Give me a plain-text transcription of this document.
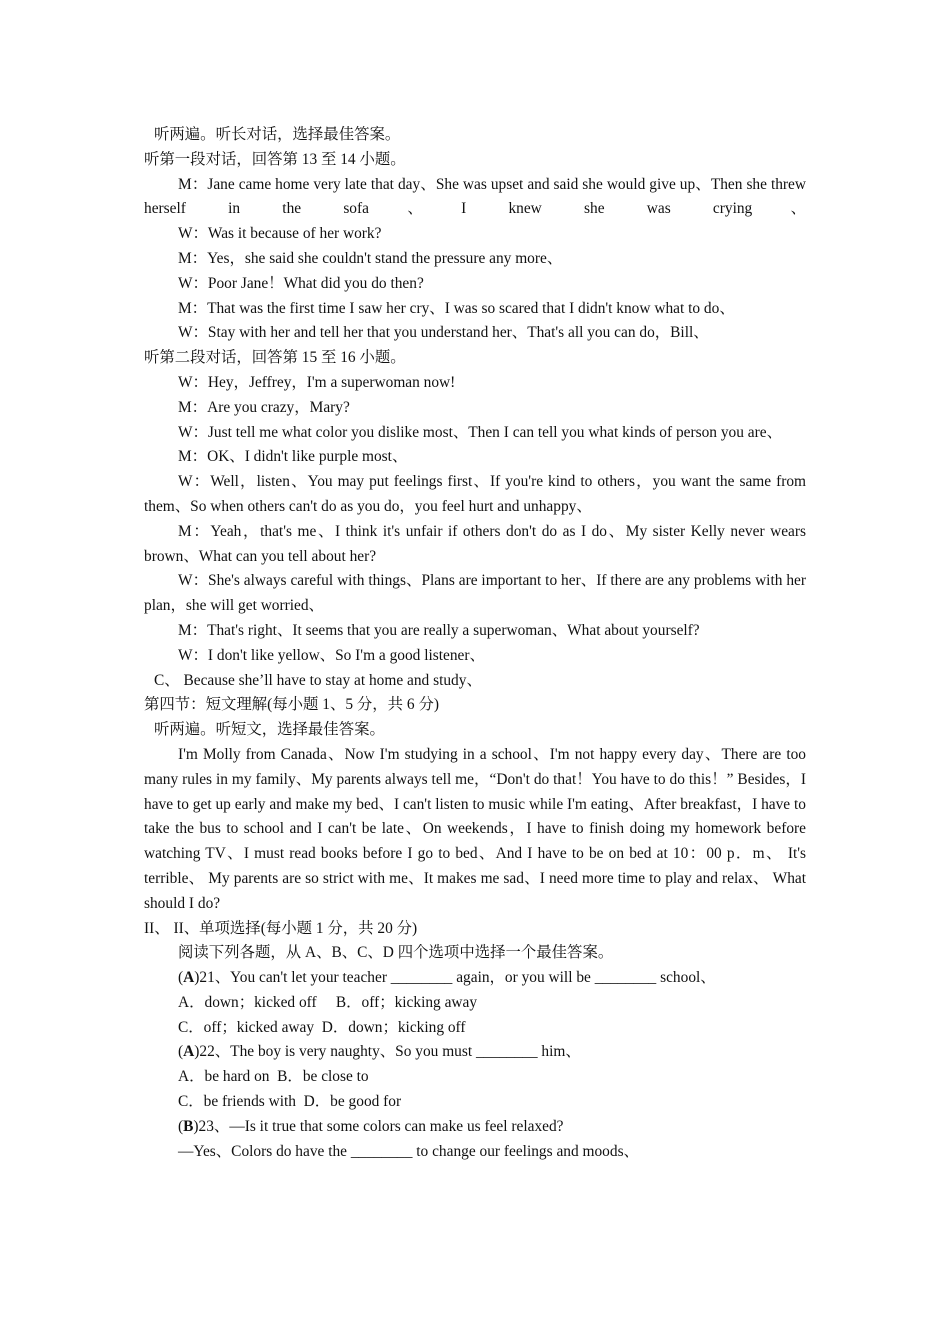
听两遍。听长对话，选择最佳答案。
听第一段对话，回答第 13 至 14 小题。
M：Jane came home very late that day、She was upset and said she would give up、Then she threw herself in the sofa、I knew she was crying、
W：Was it because of her work?
M：Yes，she said she couldn't stand the pressure any more、
W：Poor Jane！What did you do then?
M：That was the first time I saw her cry、I was so scared that I didn't know what to do、
W：Stay with her and tell her that you understand her、That's all you can do，Bill、
听第二段对话，回答第 15 至 16 小题。
W：Hey，Jeffrey，I'm a superwoman now!
M：Are you crazy，Mary?
W：Just tell me what color you dislike most、Then I can tell you what kinds of person you are、
M：OK、I didn't like purple most、
W：Well，listen、You may put feelings first、If you're kind to others，you want the same from them、So when others can't do as you do，you feel hurt and unhappy、
M：Yeah，that's me、I think it's unfair if others don't do as I do、My sister Kelly never wears brown、What can you tell about her?
W：She's always careful with things、Plans are important to her、If there are any problems with her plan，she will get worried、
M：That's right、It seems that you are really a superwoman、What about yourself?
W：I don't like yellow、So I'm a good listener、
C、 Because she’ll have to stay at home and study、
第四节：短文理解(每小题 1、5 分，共 6 分)
听两遍。听短文，选择最佳答案。
I'm Molly from Canada、Now I'm studying in a school、I'm not happy every day、There are too many rules in my family、My parents always tell me，“Don't do that！You have to do this！” Besides，I have to get up early and make my bed、I can't listen to music while I'm eating、After breakfast，I have to take the bus to school and I can't be late、On weekends，I have to finish doing my homework before watching TV、I must read books before I go to bed、And I have to be on bed at 10：00 p．m、 It's terrible、 My parents are so strict with me、It makes me sad、I need more time to play and relax、 What should I do?
II、 II、单项选择(每小题 1 分，共 20 分)
阅读下列各题，从 A、B、C、D 四个选项中选择一个最佳答案。
(A)21、You can't let your teacher ________ again，or you will be ________ school、
A．down；kicked off     B．off；kicking away
C．off；kicked away  D．down；kicking off
(A)22、The boy is very naughty、So you must ________ him、
A．be hard on  B．be close to
C．be friends with  D．be good for
(B)23、—Is it true that some colors can make us feel relaxed?
—Yes、Colors do have the ________ to change our feelings and moods、
